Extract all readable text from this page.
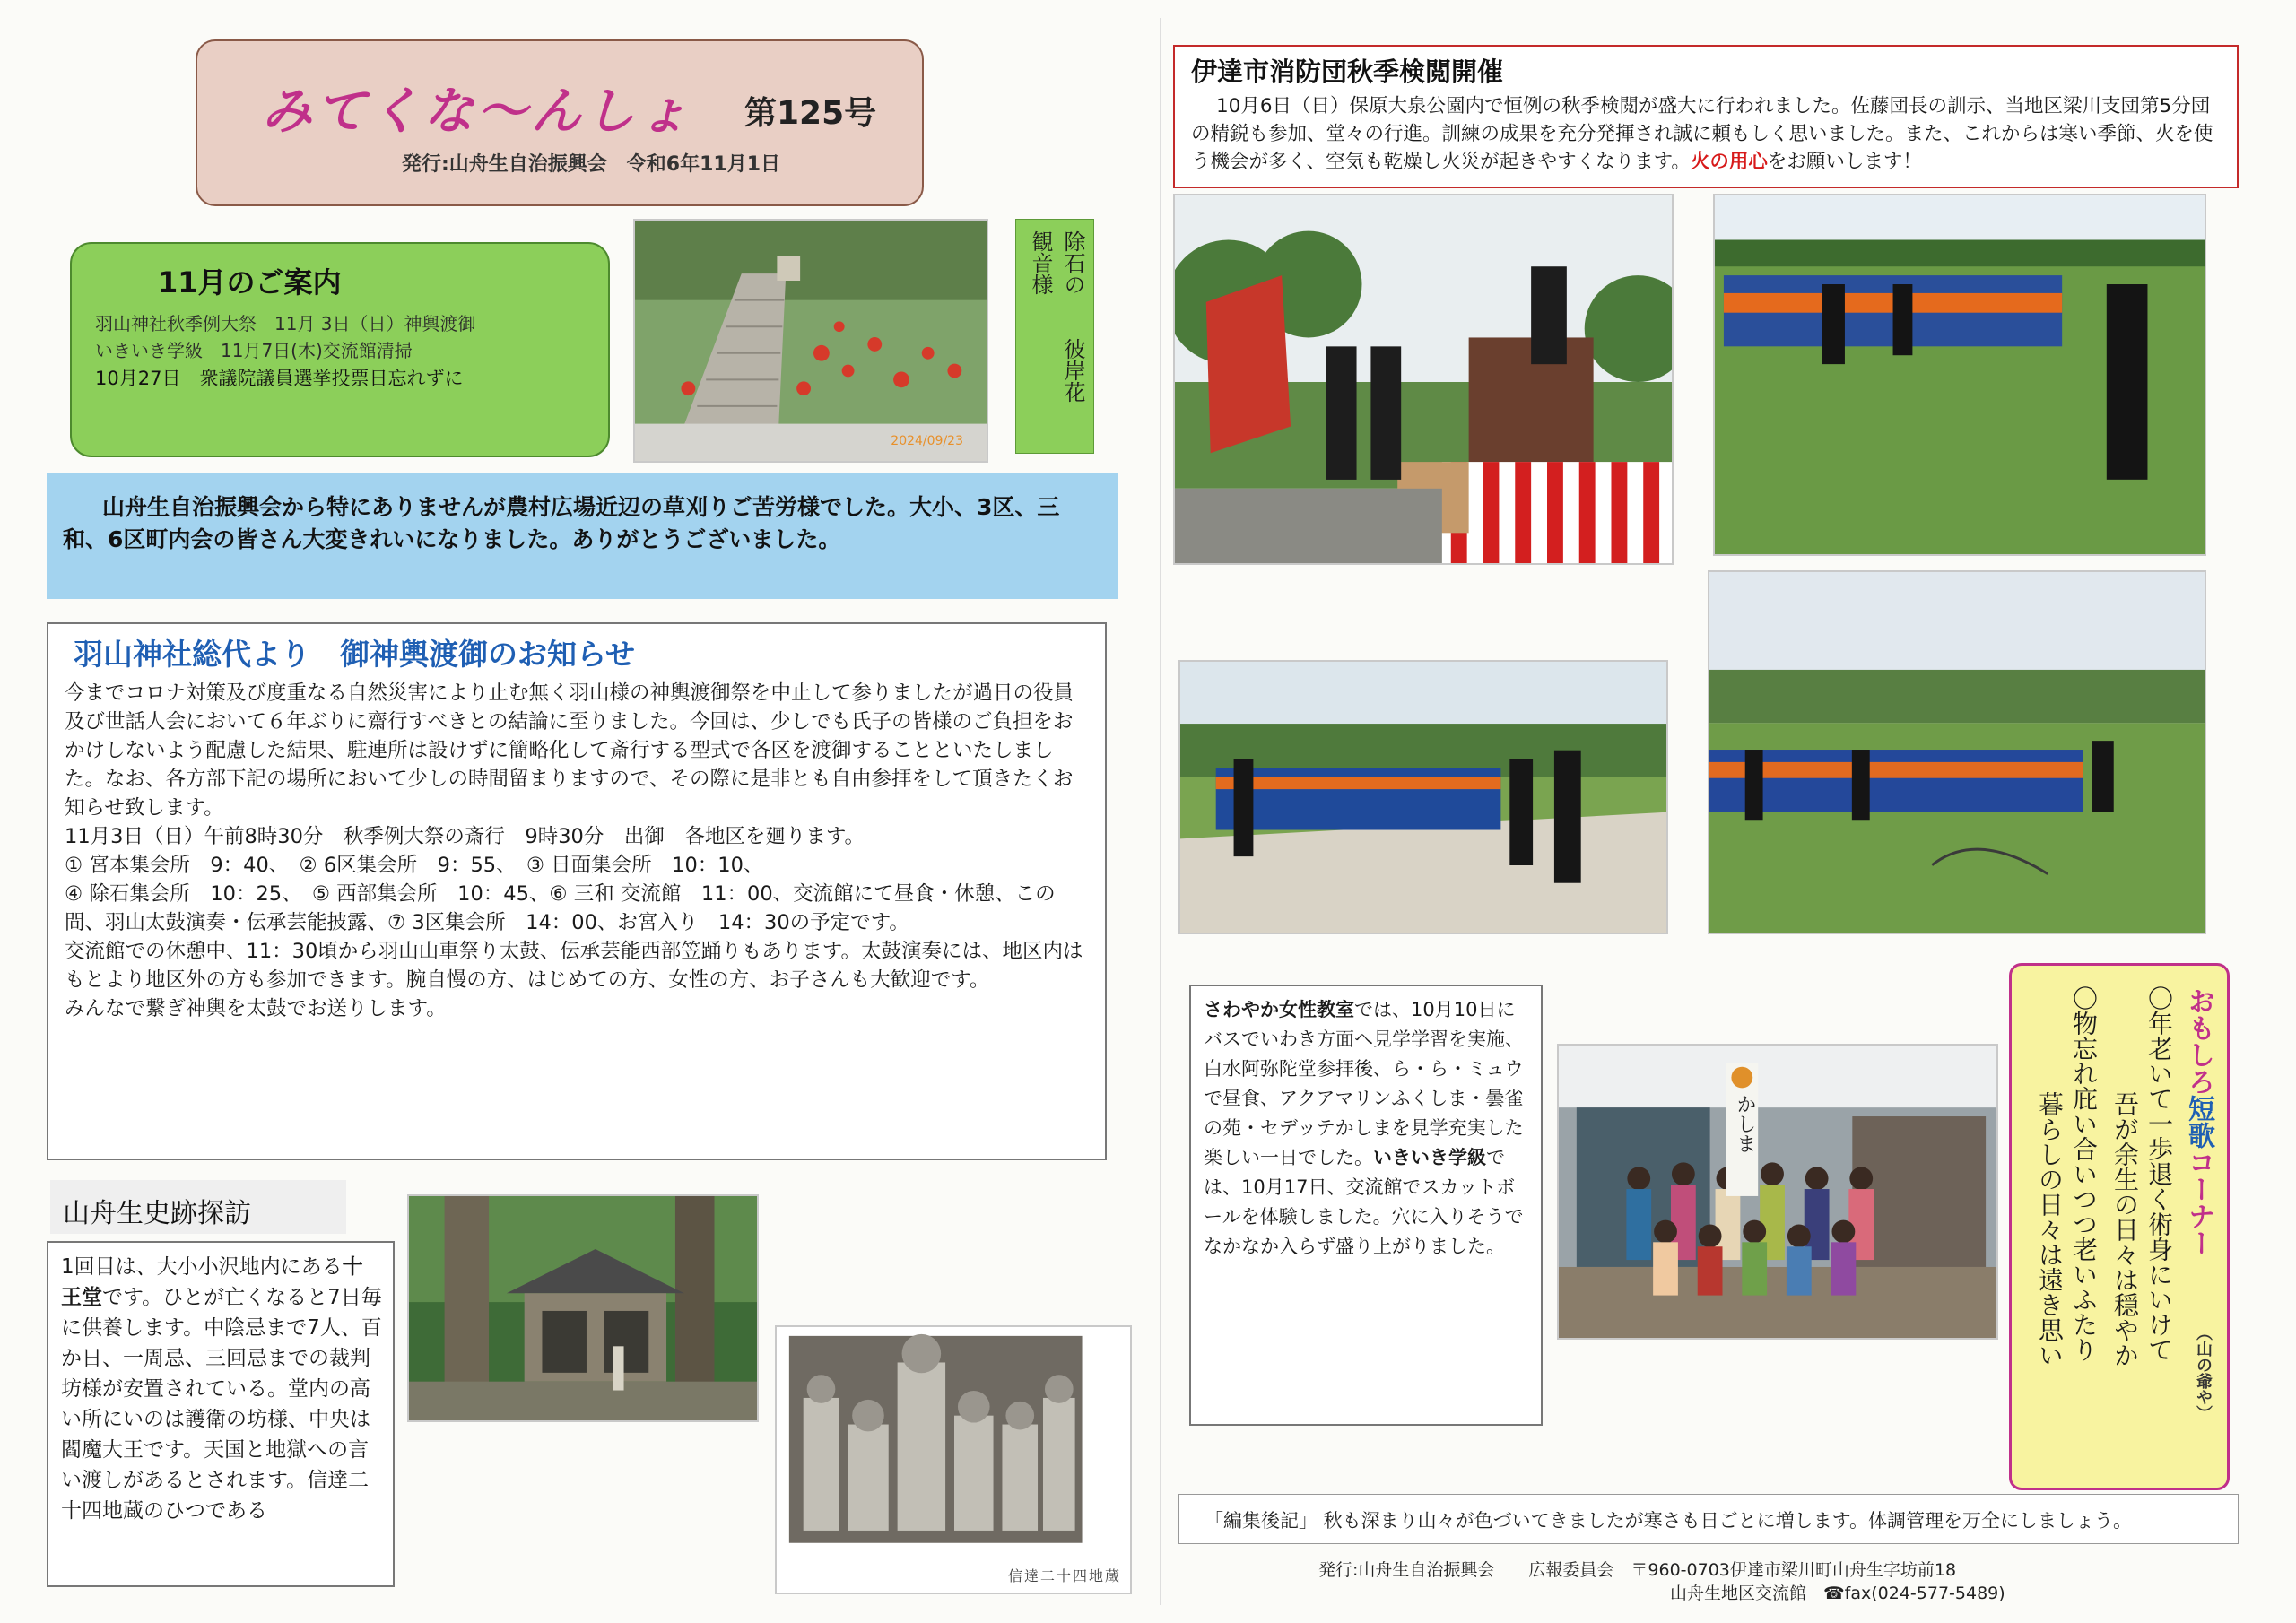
みてくな～んしょ 第125号
発行:山舟生自治振興会　令和6年11月1日
11月のご案内
羽山神社秋季例大祭　11月 3日（日）神輿渡御
いきいき学級　11月7日(木)交流館清掃
10月27日　衆議院議員選挙投票日忘れずに
2024/09/23
除石の
観音様
彼岸花

山舟生自治振興会から特にありませんが農村広場近辺の草刈りご苦労様でした。大小、3区、三和、6区町内会の皆さん大変きれいになりました。ありがとうございました。

羽山神社総代より　御神輿渡御のお知らせ

今までコロナ対策及び度重なる自然災害により止む無く羽山様の神輿渡御祭を中止して参りましたが過日の役員及び世話人会において６年ぶりに齋行すべきとの結論に至りました。今回は、少しでも氏子の皆様のご負担をおかけしないよう配慮した結果、駐連所は設けずに簡略化して斎行する型式で各区を渡御することといたしました。なお、各方部下記の場所において少しの時間留まりますので、その際に是非とも自由参拝をして頂きたくお知らせ致します。

11月3日（日）午前8時30分　秋季例大祭の斎行　9時30分　出御　各地区を廻ります。

① 宮本集会所　9：40、　② 6区集会所　9：55、　③ 日面集会所　10：10、

④ 除石集会所　10：25、　⑤ 西部集会所　10：45、⑥ 三和 交流館　11：00、交流館にて昼食・休憩、この間、羽山太鼓演奏・伝承芸能披露、⑦ 3区集会所　14：00、お宮入り　14：30の予定です。

交流館での休憩中、11：30頃から羽山山車祭り太鼓、伝承芸能西部笠踊りもあります。太鼓演奏には、地区内はもとより地区外の方も参加できます。腕自慢の方、はじめての方、女性の方、お子さんも大歓迎です。

みんなで繋ぎ神輿を太鼓でお送りします。

山舟生史跡探訪
1回目は、大小小沢地内にある十王堂です。ひとが亡くなると7日毎に供養します。中陰忌まで7人、百か日、一周忌、三回忌までの裁判坊様が安置されている。堂内の高い所にいのは護衛の坊様、中央は閻魔大王です。天国と地獄への言い渡しがあるとされます。信達二十四地蔵のひつである
信達二十四地蔵
伊達市消防団秋季検閲開催

10月6日（日）保原大泉公園内で恒例の秋季検閲が盛大に行われました。佐藤団長の訓示、当地区梁川支団第5分団の精鋭も参加、堂々の行進。訓練の成果を充分発揮され誠に頼もしく思いました。また、これからは寒い季節、火を使う機会が多く、空気も乾燥し火災が起きやすくなります。火の用心をお願いします！

さわやか女性教室では、10月10日にバスでいわき方面へ見学学習を実施、白水阿弥陀堂参拝後、ら・ら・ミュウで昼食、アクアマリンふくしま・曇雀の苑・セデッテかしまを見学充実した楽しい一日でした。いきいき学級では、10月17日、交流館でスカットボールを体験しました。穴に入りそうでなかなか入らず盛り上がりました。
かしま
おもしろ短歌コーナー
（山の爺や）
〇年老いて一歩退く術身にいけて
吾が余生の日々は穏やか
〇物忘れ庇い合いつつ老いふたり
暮らしの日々は遠き思い
「編集後記」 秋も深まり山々が色づいてきましたが寒さも日ごとに増します。体調管理を万全にしましょう。
発行:山舟生自治振興会　　広報委員会　〒960-0703伊達市梁川町山舟生字坊前18
山舟生地区交流館　☎fax(024-577-5489)
